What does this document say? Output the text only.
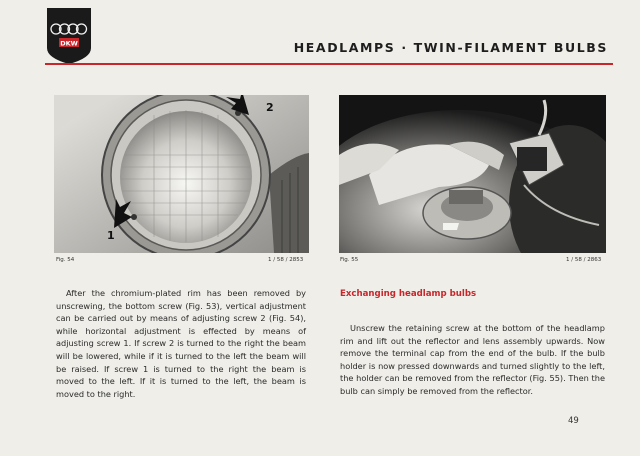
DKW	HEADLAMPS · TWIN-FILAMENT BULBS
1
2
Fig. 54	1 / 58 / 2853	Fig. 55	1 / 58 / 2863
After the chromium-plated rim has been removed by unscrewing, the bottom screw (Fig. 53), vertical adjustment can be carried out by means of adjusting screw 2 (Fig. 54), while horizontal adjustment is effected by means of adjusting screw 1. If screw 2 is turned to the right the beam will be lowered, while if it is turned to the left the beam will be raised. If screw 1 is turned to the right the beam is moved to the left. If it is turned to the left, the beam is moved to the right.
Exchanging headlamp bulbs
Unscrew the retaining screw at the bottom of the headlamp rim and lift out the reflector and lens assembly upwards. Now remove the terminal cap from the end of the bulb. If the bulb holder is now pressed downwards and turned slightly to the left, the holder can be removed from the reflector (Fig. 55). Then the bulb can simply be removed from the reflector.
49
